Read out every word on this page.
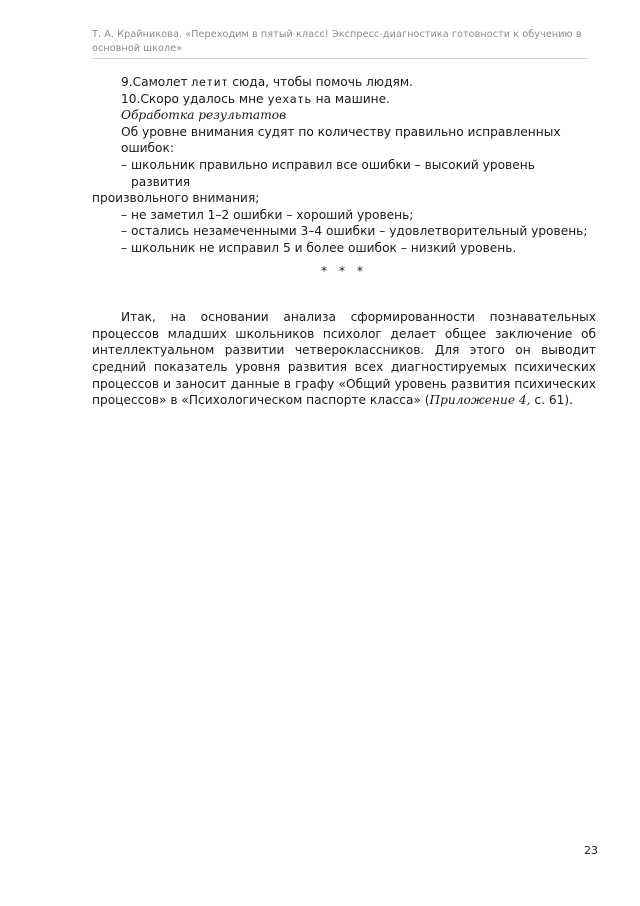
Т. А. Крайникова. «Переходим в пятый класс! Экспресс-диагностика готовности к обучению в основной школе»

9.Самолет летит сюда, чтобы помочь людям.

10.Скоро удалось мне уехать на машине.

Обработка результатов

Об уровне внимания судят по количеству правильно исправленных ошибок:

– школьник правильно исправил все ошибки – высокий уровень развития

произвольного внимания;

– не заметил 1–2 ошибки – хороший уровень;

– остались незамеченными 3–4 ошибки – удовлетворительный уровень;

– школьник не исправил 5 и более ошибок – низкий уровень.

* * *

Итак, на основании анализа сформированности познавательных процессов младших школьников психолог делает общее заключение об интеллектуальном развитии четвероклассников. Для этого он выводит средний показатель уровня развития всех диагностируемых психических процессов и заносит данные в графу «Общий уровень развития психических процессов» в «Психологическом паспорте класса» (Приложение 4, с. 61).

23
